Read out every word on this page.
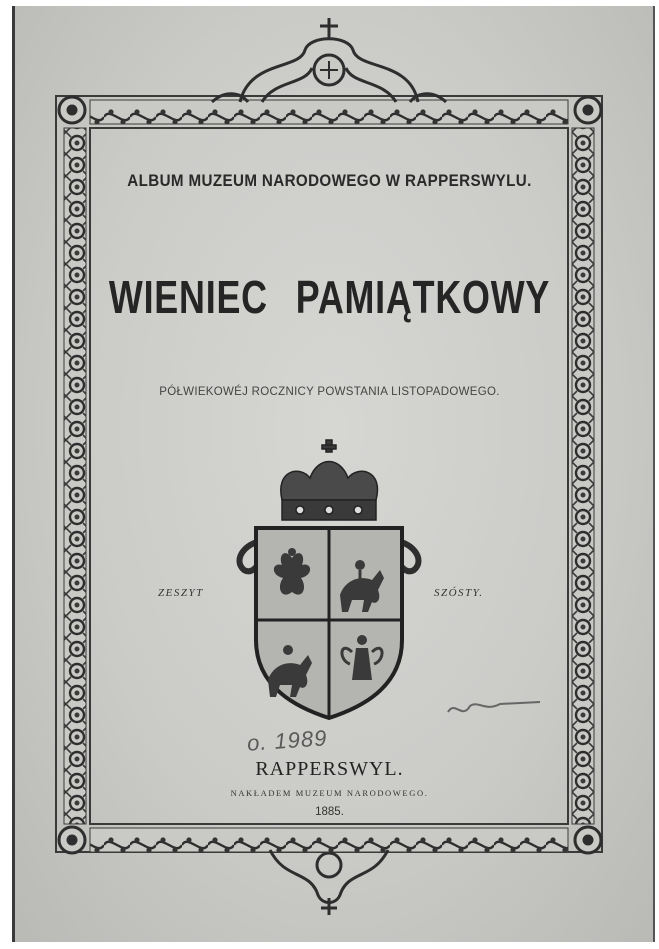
ALBUM MUZEUM NARODOWEGO W RAPPERSWYLU.
WIENIEC PAMIĄTKOWY
PÓŁWIEKOWÉJ ROCZNICY POWSTANIA LISTOPADOWEGO.
ZESZYT	SZÓSTY.
o. 1989
RAPPERSWYL.
NAKŁADEM MUZEUM NARODOWEGO.
1885.
